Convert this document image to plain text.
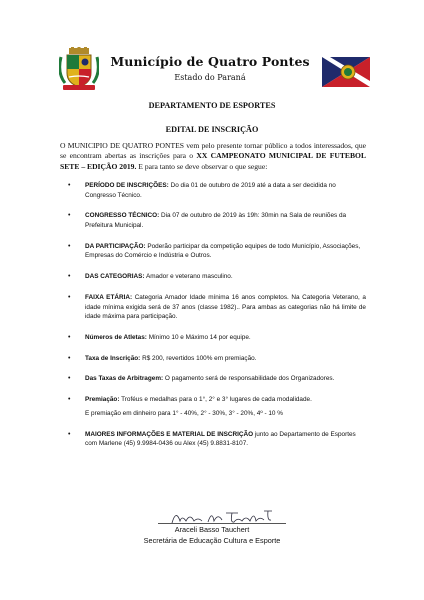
Município de Quatro Pontes
Estado do Paraná
DEPARTAMENTO DE ESPORTES
EDITAL DE INSCRIÇÃO
O MUNICIPIO DE QUATRO PONTES vem pelo presente tornar público a todos interessados, que se encontram abertas as inscrições para o XX CAMPEONATO MUNICIPAL DE FUTEBOL SETE – EDIÇÃO 2019. E para tanto se deve observar o que segue:
• PERÍODO DE INSCRIÇÕES: Do dia 01 de outubro de 2019 até a data a ser decidida no Congresso Técnico.
• CONGRESSO TÉCNICO: Dia 07 de outubro de 2019 às 19h: 30min na Sala de reuniões da Prefeitura Municipal.
• DA PARTICIPAÇÃO: Poderão participar da competição equipes de todo Município, Associações, Empresas do Comércio e Indústria e Outros.
• DAS CATEGORIAS: Amador e veterano masculino.
• FAIXA ETÁRIA: Categoria Amador Idade mínima 16 anos completos. Na Categoria Veterano, a idade mínima exigida será de 37 anos (classe 1982).. Para ambas as categorias não há limite de idade máxima para participação.
• Números de Atletas: Mínimo 10 e Máximo 14 por equipe.
• Taxa de Inscrição: R$ 200, revertidos 100% em premiação.
• Das Taxas de Arbitragem: O pagamento será de responsabilidade dos Organizadores.
• Premiação: Troféus e medalhas para o 1°, 2° e 3° lugares de cada modalidade.
E premiação em dinheiro para 1° - 40%, 2° - 30%, 3° - 20%, 4º - 10 %
• MAIORES INFORMAÇÕES E MATERIAL DE INSCRIÇÃO junto ao Departamento de Esportes com Marlene (45) 9.9984-0436 ou Alex (45) 9.8831-8107.
Araceli Basso Tauchert
Secretária de Educação Cultura e Esporte
